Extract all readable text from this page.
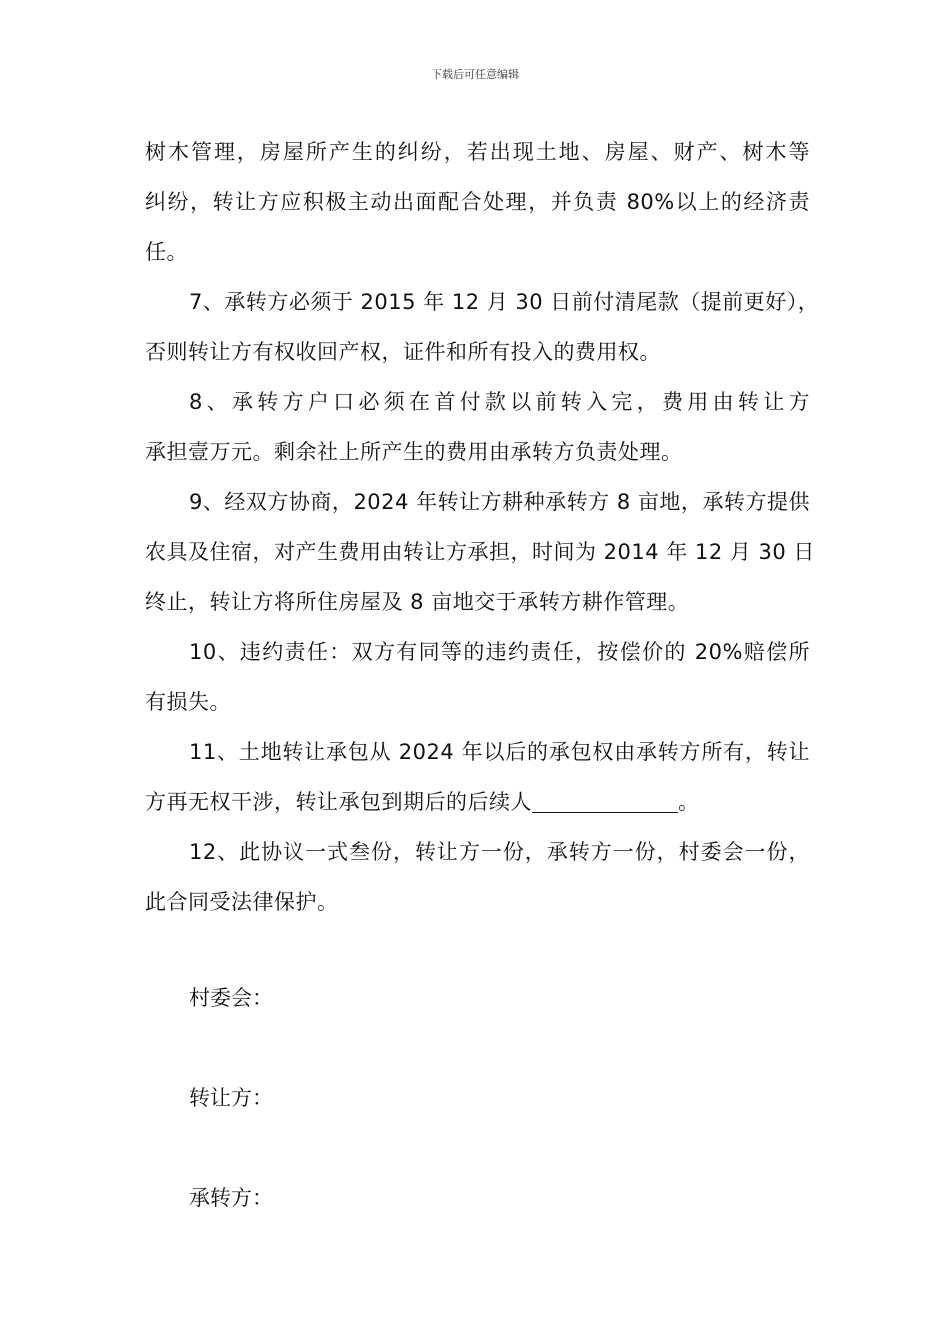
下载后可任意编辑
树木管理，房屋所产生的纠纷，若出现土地、房屋、财产、树木等
纠纷，转让方应积极主动出面配合处理，并负责 80%以上的经济责
任。
7、承转方必须于 2015 年 12 月 30 日前付清尾款（提前更好），
否则转让方有权收回产权，证件和所有投入的费用权。
8、承转方户口必须在首付款以前转入完，费用由转让方
承担壹万元。剩余社上所产生的费用由承转方负责处理。
9、经双方协商，2024 年转让方耕种承转方 8 亩地，承转方提供
农具及住宿，对产生费用由转让方承担，时间为 2014 年 12 月 30 日
终止，转让方将所住房屋及 8 亩地交于承转方耕作管理。
10、违约责任：双方有同等的违约责任，按偿价的 20%赔偿所
有损失。
11、土地转让承包从 2024 年以后的承包权由承转方所有，转让
方再无权干涉，转让承包到期后的后续人	。
12、此协议一式叁份，转让方一份，承转方一份，村委会一份，
此合同受法律保护。
村委会：
转让方：
承转方：
